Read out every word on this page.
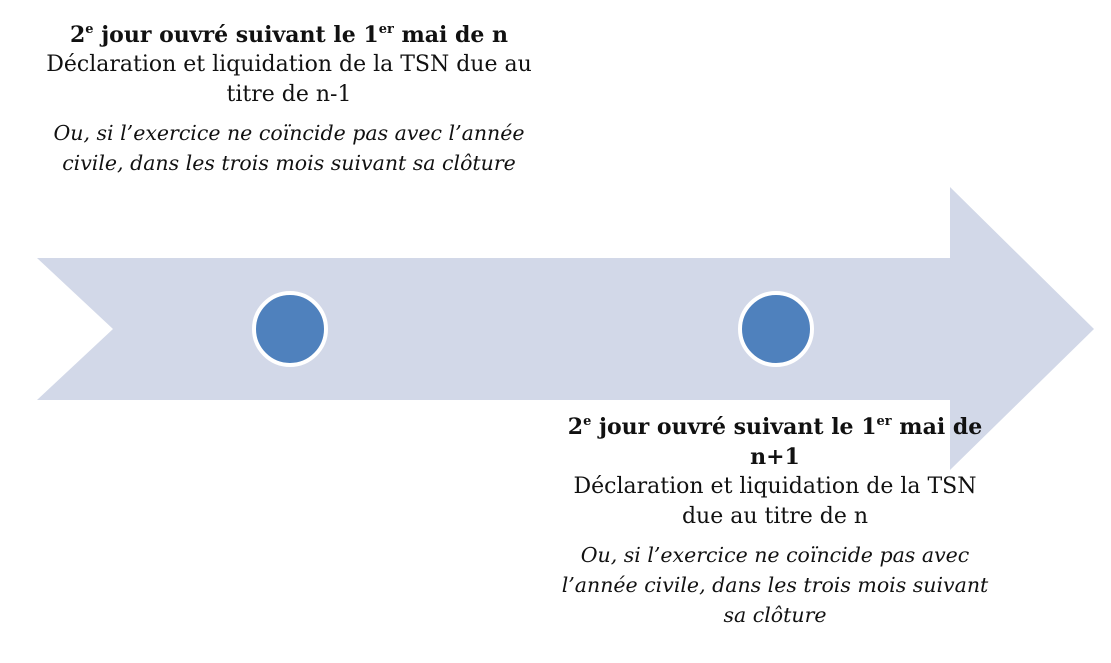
2e jour ouvré suivant le 1er mai de n
Déclaration et liquidation de la TSN due au titre de n-1
Ou, si l’exercice ne coïncide pas avec l’année civile, dans les trois mois suivant sa clôture
2e jour ouvré suivant le 1er mai de n+1
Déclaration et liquidation de la TSN due au titre de n
Ou, si l’exercice ne coïncide pas avec l’année civile, dans les trois mois suivant sa clôture
